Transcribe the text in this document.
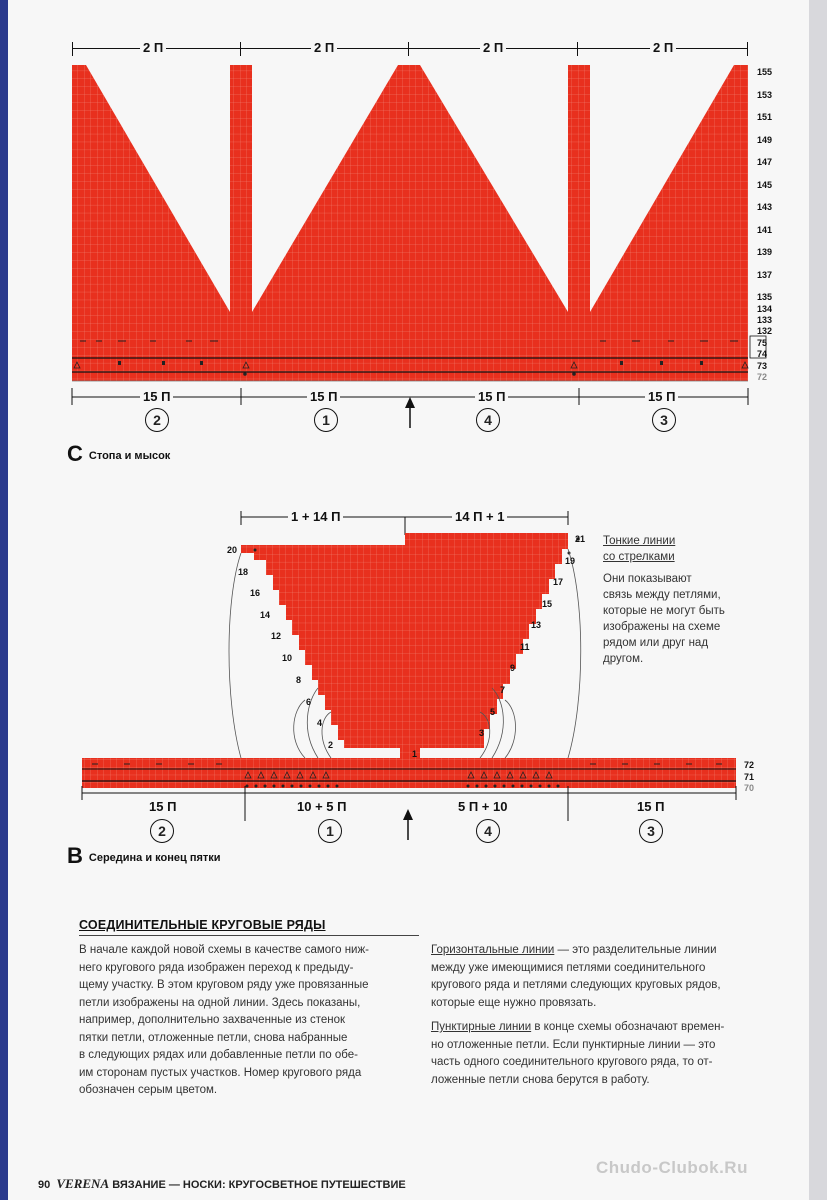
2 П	2 П	2 П	2 П
15 П	15 П	15 П	15 П
2	1	4	3
155
153
151
149
147
145
143
141
139
137
135
134
133
132
75
74
73
72
C Стопа и мысок
1 + 14 П	14 П + 1
20
18
16
14
12
10
8
6
4
2
21
19
17
15
13
11
9
7
5
3
1
72
71
70
15 П	10 + 5 П	5 П + 10	15 П
2	1	4	3
B Середина и конец пятки
Тонкие линии
со стрелками
Они показывают
связь между петлями,
которые не могут быть
изображены на схеме
рядом или друг над
другом.
СОЕДИНИТЕЛЬНЫЕ КРУГОВЫЕ РЯДЫ
В начале каждой новой схемы в качестве самого ниж-
него кругового ряда изображен переход к предыду-
щему участку. В этом круговом ряду уже провязанные
петли изображены на одной линии. Здесь показаны,
например, дополнительно захваченные из стенок
пятки петли, отложенные петли, снова набранные
в следующих рядах или добавленные петли по обе-
им сторонам пустых участков. Номер кругового ряда
обозначен серым цветом.
Горизонтальные линии — это разделительные линии
между уже имеющимися петлями соединительного
кругового ряда и петлями следующих круговых рядов,
которые еще нужно провязать.
Пунктирные линии в конце схемы обозначают времен-
но отложенные петли. Если пунктирные линии — это
часть одного соединительного кругового ряда, то от-
ложенные петли снова берутся в работу.
90 VERENA ВЯЗАНИЕ — НОСКИ: КРУГОСВЕТНОЕ ПУТЕШЕСТВИЕ
Chudo-Clubok.Ru
